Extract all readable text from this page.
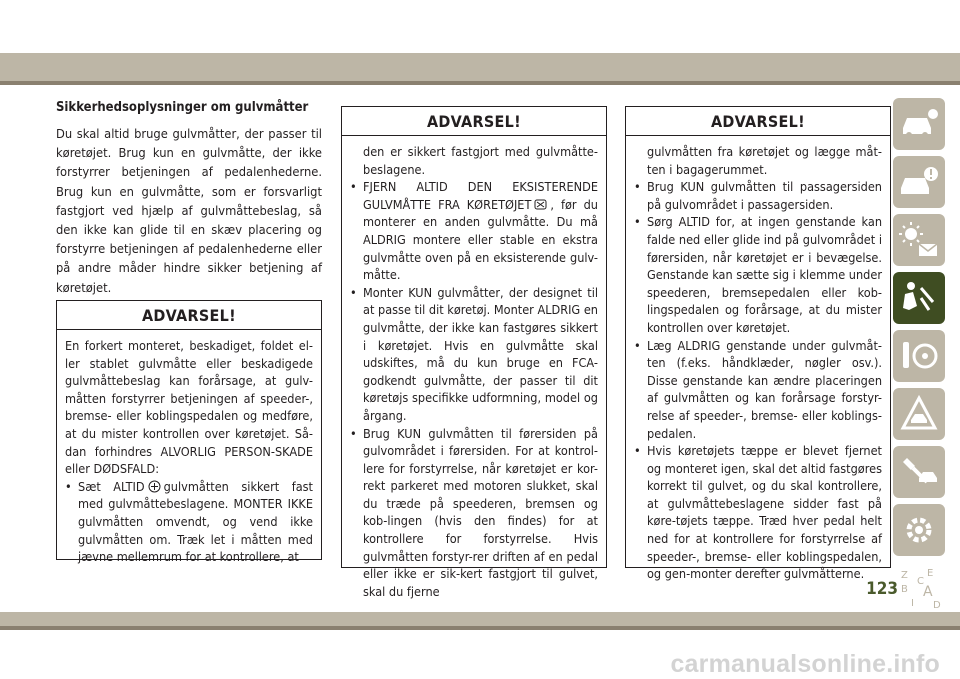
Sikkerhedsoplysninger om gulvmåtter

Du skal altid bruge gulvmåtter, der passer til køretøjet. Brug kun en gulvmåtte, der ikke forstyrrer betjeningen af pedalenhederne. Brug kun en gulvmåtte, som er forsvarligt fastgjort ved hjælp af gulvmåttebeslag, så den ikke kan glide til en skæv placering og forstyrre betjeningen af pedalenhederne eller på andre måder hindre sikker betjening af køretøjet.

ADVARSEL!

En forkert monteret, beskadiget, foldet el-ler stablet gulvmåtte eller beskadigede gulvmåttebeslag kan forårsage, at gulv-måtten forstyrrer betjeningen af speeder-, bremse- eller koblingspedalen og medføre, at du mister kontrollen over køretøjet. Så-dan forhindres ALVORLIG PERSON-SKADE eller DØDSFALD:

• Sæt ALTID gulvmåtten sikkert fast med gulvmåttebeslagene. MONTER IKKE gulvmåtten omvendt, og vend ikke gulvmåtten om. Træk let i måtten med jævne mellemrum for at kontrollere, at
ADVARSEL!

den er sikkert fastgjort med gulvmåtte-beslagene.

• FJERN ALTID DEN EKSISTERENDE GULVMÅTTE FRA KØRETØJET , før du monterer en anden gulvmåtte. Du må ALDRIG montere eller stable en ekstra gulvmåtte oven på en eksisterende gulv-måtte.
• Monter KUN gulvmåtter, der designet til at passe til dit køretøj. Monter ALDRIG en gulvmåtte, der ikke kan fastgøres sikkert i køretøjet. Hvis en gulvmåtte skal udskiftes, må du kun bruge en FCA-godkendt gulvmåtte, der passer til dit køretøjs specifikke udformning, model og årgang.
• Brug KUN gulvmåtten til førersiden på gulvområdet i førersiden. For at kontrol-lere for forstyrrelse, når køretøjet er kor-rekt parkeret med motoren slukket, skal du træde på speederen, bremsen og kob-lingen (hvis den findes) for at kontrollere for forstyrrelse. Hvis gulvmåtten forstyr-rer driften af en pedal eller ikke er sik-kert fastgjort til gulvet, skal du fjerne
ADVARSEL!

gulvmåtten fra køretøjet og lægge måt-ten i bagagerummet.

• Brug KUN gulvmåtten til passagersiden på gulvområdet i passagersiden.
• Sørg ALTID for, at ingen genstande kan falde ned eller glide ind på gulvområdet i førersiden, når køretøjet er i bevægelse. Genstande kan sætte sig i klemme under speederen, bremsepedalen eller kob-lingspedalen og forårsage, at du mister kontrollen over køretøjet.
• Læg ALDRIG genstande under gulvmåt-ten (f.eks. håndklæder, nøgler osv.). Disse genstande kan ændre placeringen af gulvmåtten og kan forårsage forstyr-relse af speeder-, bremse- eller koblings-pedalen.
• Hvis køretøjets tæppe er blevet fjernet og monteret igen, skal det altid fastgøres korrekt til gulvet, og du skal kontrollere, at gulvmåttebeslagene sidder fast på køre-tøjets tæppe. Træd hver pedal helt ned for at kontrollere for forstyrrelse af speeder-, bremse- eller koblingspedalen, og gen-monter derefter gulvmåtterne.	Z E
B A
I
C
D
123
carmanualsonline.info
